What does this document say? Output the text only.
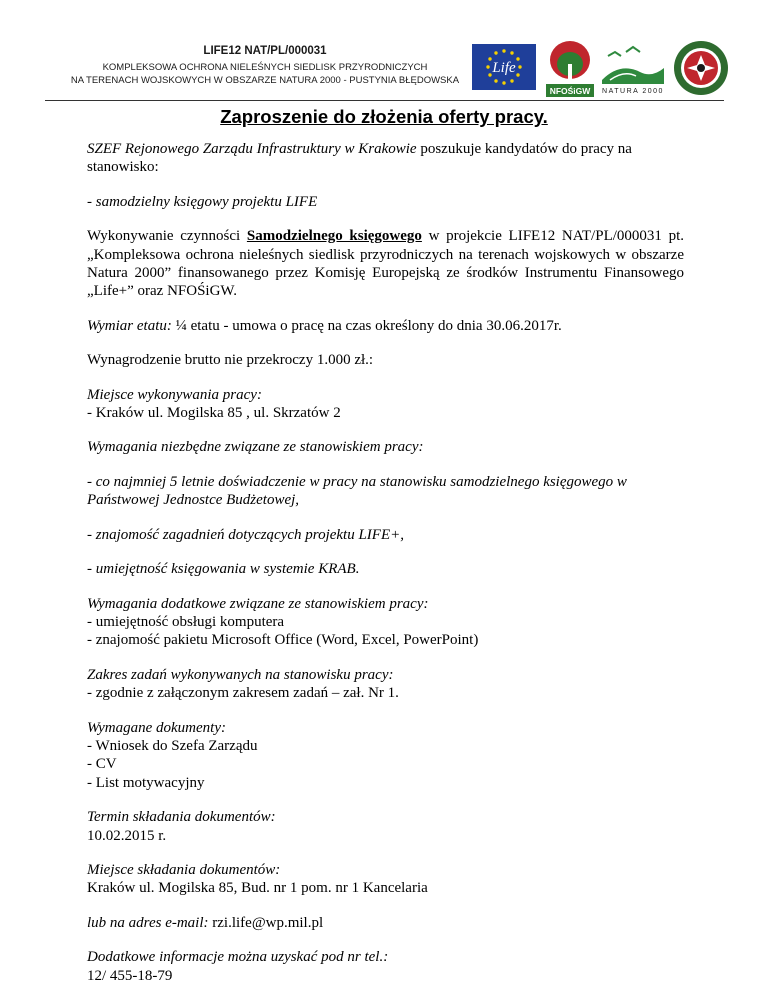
LIFE12 NAT/PL/000031
KOMPLEKSOWA OCHRONA NIELEŚNYCH SIEDLISK PRZYRODNICZYCH
NA TERENACH WOJSKOWYCH W OBSZARZE NATURA 2000 - PUSTYNIA BŁĘDOWSKA
Life
NFOŚiGW NATURA 2000
Zaproszenie do złożenia oferty pracy.

SZEF Rejonowego Zarządu Infrastruktury w Krakowie poszukuje kandydatów do pracy na stanowisko:

- samodzielny księgowy projektu LIFE

Wykonywanie czynności Samodzielnego księgowego w projekcie LIFE12 NAT/PL/000031 pt.„Kompleksowa ochrona nieleśnych siedlisk przyrodniczych na terenach wojskowych w obszarze Natura 2000” finansowanego przez Komisję Europejską ze środków Instrumentu Finansowego „Life+” oraz NFOŚiGW.

Wymiar etatu: ¼ etatu - umowa o pracę na czas określony do dnia 30.06.2017r.

Wynagrodzenie brutto nie przekroczy 1.000 zł.:

Miejsce wykonywania pracy:

- Kraków ul. Mogilska 85 , ul. Skrzatów 2

Wymagania niezbędne związane ze stanowiskiem pracy:

- co najmniej 5 letnie doświadczenie w pracy na stanowisku samodzielnego księgowego w Państwowej Jednostce Budżetowej,

- znajomość zagadnień dotyczących projektu LIFE+,

- umiejętność księgowania w systemie KRAB.

Wymagania dodatkowe związane ze stanowiskiem pracy:

- umiejętność obsługi komputera

- znajomość pakietu Microsoft Office (Word, Excel, PowerPoint)

Zakres zadań wykonywanych na stanowisku pracy:

- zgodnie z załączonym zakresem zadań – zał. Nr 1.

Wymagane dokumenty:

- Wniosek do Szefa Zarządu

- CV

- List motywacyjny

Termin składania dokumentów:

10.02.2015 r.

Miejsce składania dokumentów:

Kraków ul. Mogilska 85, Bud. nr 1 pom. nr 1 Kancelaria

lub na adres e-mail: rzi.life@wp.mil.pl

Dodatkowe informacje można uzyskać pod nr tel.:

12/ 455-18-79
